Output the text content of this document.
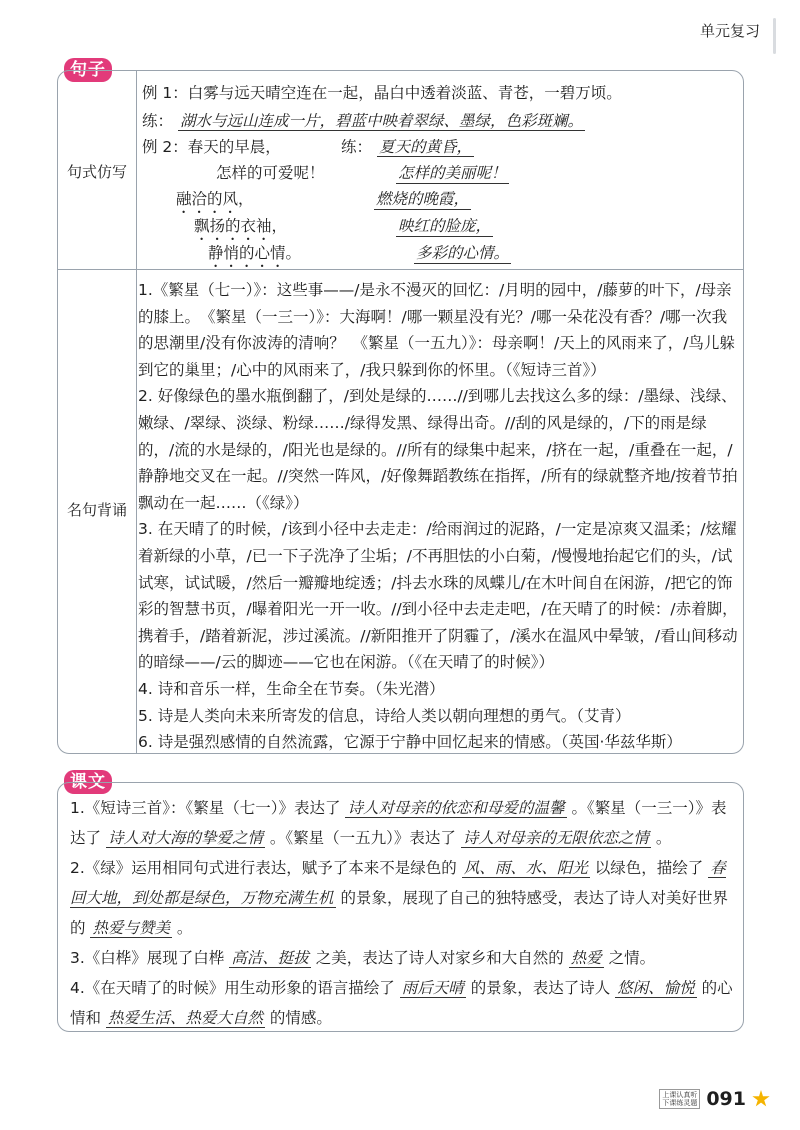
单元复习
句子
句式仿写
例 1：白雾与远天晴空连在一起，晶白中透着淡蓝、青苍，一碧万顷。
练： 湖水与远山连成一片，碧蓝中映着翠绿、墨绿，色彩斑斓。
例 2：春天的早晨，
怎样的可爱呢！
融洽的风，
飘扬的衣袖，
静悄的心情。
练： 夏天的黄昏，
怎样的美丽呢！
燃烧的晚霞，
映红的脸庞，
多彩的心情。
名句背诵

1.《繁星（七一）》：这些事——/是永不漫灭的回忆：/月明的园中，/藤萝的叶下，/母亲的膝上。　《繁星（一三一）》：大海啊！/哪一颗星没有光？/哪一朵花没有香？/哪一次我的思潮里/没有你波涛的清响？　《繁星（一五九）》：母亲啊！/天上的风雨来了，/鸟儿躲到它的巢里；/心中的风雨来了，/我只躲到你的怀里。（《短诗三首》）

2. 好像绿色的墨水瓶倒翻了，/到处是绿的……//到哪儿去找这么多的绿：/墨绿、浅绿、嫩绿、/翠绿、淡绿、粉绿……/绿得发黑、绿得出奇。//刮的风是绿的，/下的雨是绿的，/流的水是绿的，/阳光也是绿的。//所有的绿集中起来，/挤在一起，/重叠在一起，/静静地交叉在一起。//突然一阵风，/好像舞蹈教练在指挥，/所有的绿就整齐地/按着节拍飘动在一起……（《绿》）

3. 在天晴了的时候，/该到小径中去走走：/给雨润过的泥路，/一定是凉爽又温柔；/炫耀着新绿的小草，/已一下子洗净了尘垢；/不再胆怯的小白菊，/慢慢地抬起它们的头，/试试寒，试试暖，/然后一瓣瓣地绽透；/抖去水珠的凤蝶儿/在木叶间自在闲游，/把它的饰彩的智慧书页，/曝着阳光一开一收。//到小径中去走走吧，/在天晴了的时候：/赤着脚，携着手，/踏着新泥，涉过溪流。//新阳推开了阴霾了，/溪水在温风中晕皱，/看山间移动的暗绿——/云的脚迹——它也在闲游。（《在天晴了的时候》）

4. 诗和音乐一样，生命全在节奏。（朱光潜）

5. 诗是人类向未来所寄发的信息，诗给人类以朝向理想的勇气。（艾青）

6. 诗是强烈感情的自然流露，它源于宁静中回忆起来的情感。（英国·华兹华斯）

课文

1.《短诗三首》：《繁星（七一）》表达了 诗人对母亲的依恋和母爱的温馨 。《繁星（一三一）》表达了 诗人对大海的挚爱之情 。《繁星（一五九）》表达了 诗人对母亲的无限依恋之情 。

2.《绿》运用相同句式进行表达，赋予了本来不是绿色的 风、雨、水、阳光 以绿色，描绘了 春回大地，到处都是绿色，万物充满生机 的景象，展现了自己的独特感受，表达了诗人对美好世界的 热爱与赞美 。

3.《白桦》展现了白桦 高洁、挺拔 之美，表达了诗人对家乡和大自然的 热爱 之情。

4.《在天晴了的时候》用生动形象的语言描绘了 雨后天晴 的景象，表达了诗人 悠闲、愉悦 的心情和 热爱生活、热爱大自然 的情感。

上课认真听
下课练灵题 091
